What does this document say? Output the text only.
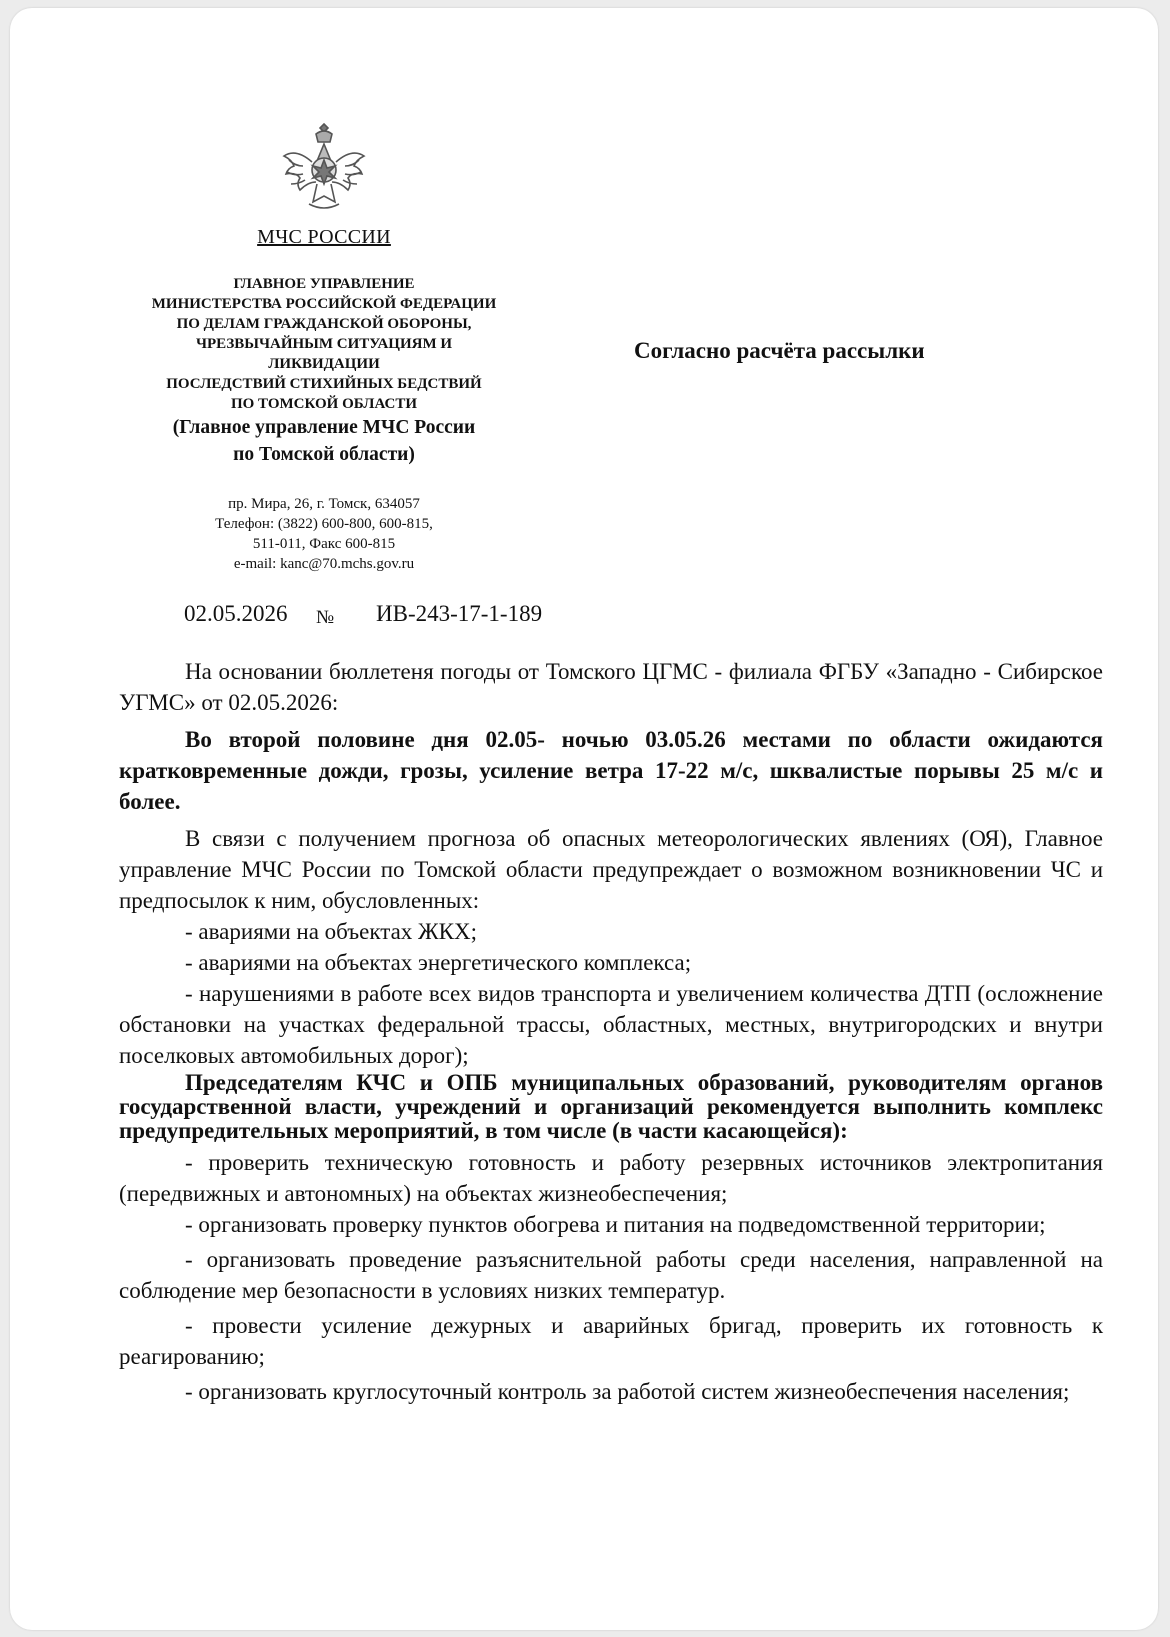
МЧС РОССИИ
ГЛАВНОЕ УПРАВЛЕНИЕ
МИНИСТЕРСТВА РОССИЙСКОЙ ФЕДЕРАЦИИ
ПО ДЕЛАМ ГРАЖДАНСКОЙ ОБОРОНЫ,
ЧРЕЗВЫЧАЙНЫМ СИТУАЦИЯМ И
ЛИКВИДАЦИИ
ПОСЛЕДСТВИЙ СТИХИЙНЫХ БЕДСТВИЙ
ПО ТОМСКОЙ ОБЛАСТИ
(Главное управление МЧС России
по Томской области)
пр. Мира, 26, г. Томск, 634057
Телефон: (3822) 600-800, 600-815,
511-011, Факс 600-815
e-mail: kanc@70.mchs.gov.ru
Согласно расчёта рассылки
02.05.2026 № ИВ-243-17-1-189

На основании бюллетеня погоды от Томского ЦГМС - филиала ФГБУ «Западно - Сибирское УГМС» от 02.05.2026:

Во второй половине дня 02.05- ночью 03.05.26 местами по области ожидаются кратковременные дожди, грозы, усиление ветра 17-22 м/с, шквалистые порывы 25 м/с и более.

В связи с получением прогноза об опасных метеорологических явлениях (ОЯ), Главное управление МЧС России по Томской области предупреждает о возможном возникновении ЧС и предпосылок к ним, обусловленных:

- авариями на объектах ЖКХ;

- авариями на объектах энергетического комплекса;

- нарушениями в работе всех видов транспорта и увеличением количества ДТП (осложнение обстановки на участках федеральной трассы, областных, местных, внутригородских и внутри поселковых автомобильных дорог);

Председателям КЧС и ОПБ муниципальных образований, руководителям органов государственной власти, учреждений и организаций рекомендуется выполнить комплекс предупредительных мероприятий, в том числе (в части касающейся):

- проверить техническую готовность и работу резервных источников электропитания (передвижных и автономных) на объектах жизнеобеспечения;

- организовать проверку пунктов обогрева и питания на подведомственной территории;

- организовать проведение разъяснительной работы среди населения, направленной на соблюдение мер безопасности в условиях низких температур.

- провести усиление дежурных и аварийных бригад, проверить их готовность к реагированию;

- организовать круглосуточный контроль за работой систем жизнеобеспечения населения;
